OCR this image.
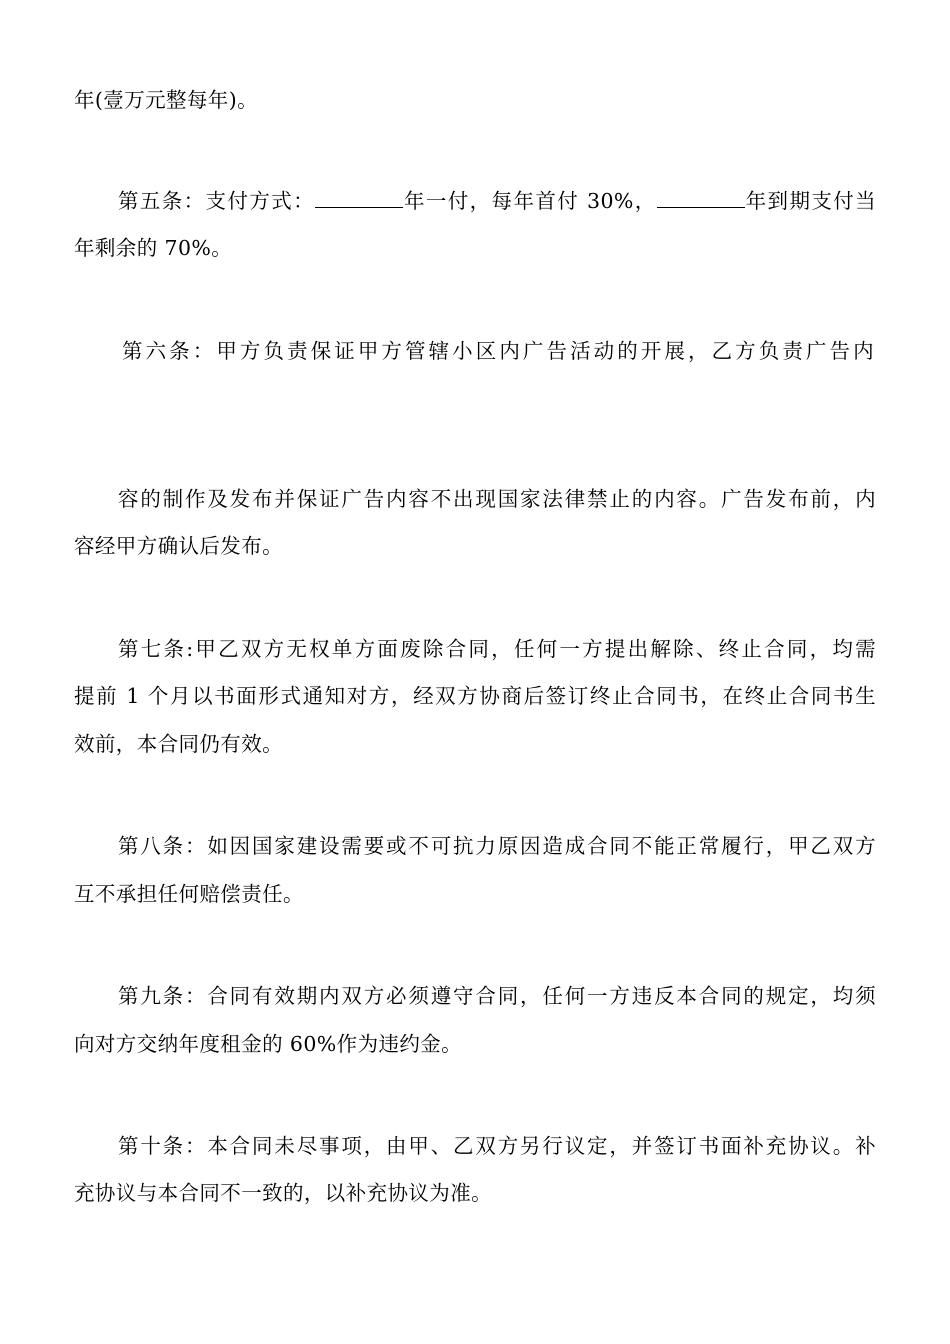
年(壹万元整每年)。
第五条：支付方式：	年一付，每年首付 30%，	年到期支付当
年剩余的 70%。
第六条：甲方负责保证甲方管辖小区内广告活动的开展，乙方负责广告内
容的制作及发布并保证广告内容不出现国家法律禁止的内容。广告发布前，内
容经甲方确认后发布。
第七条:甲乙双方无权单方面废除合同，任何一方提出解除、终止合同，均需
提前 1 个月以书面形式通知对方，经双方协商后签订终止合同书，在终止合同书生
效前，本合同仍有效。
第八条：如因国家建设需要或不可抗力原因造成合同不能正常履行，甲乙双方
互不承担任何赔偿责任。
第九条：合同有效期内双方必须遵守合同，任何一方违反本合同的规定，均须
向对方交纳年度租金的 60%作为违约金。
第十条：本合同未尽事项，由甲、乙双方另行议定，并签订书面补充协议。补
充协议与本合同不一致的，以补充协议为准。
